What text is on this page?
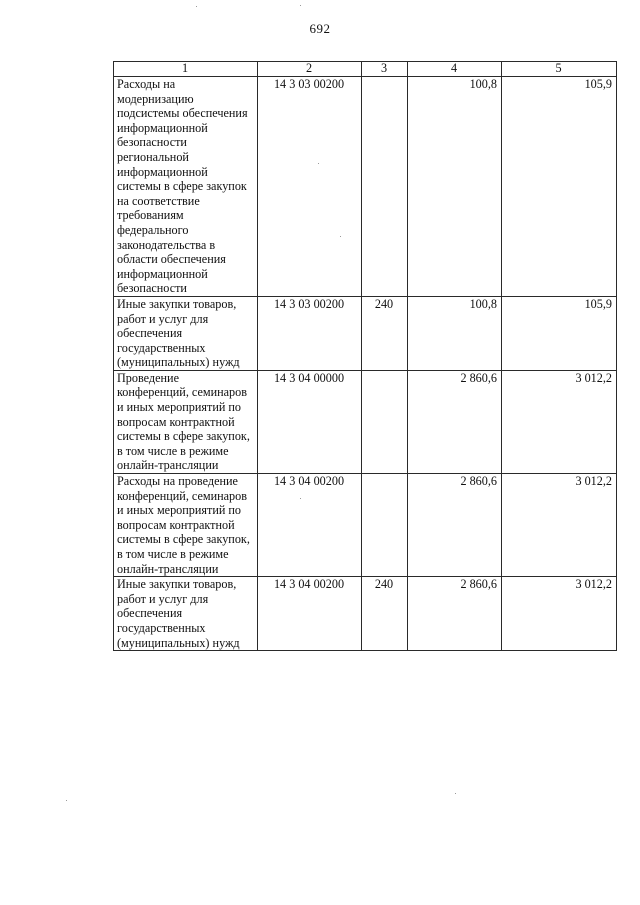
692
1	2	3	4	5
Расходы на модернизацию подсистемы обеспечения информационной безопасности региональной информационной системы в сфере закупок на соответствие требованиям федерального законодательства в области обеспечения информационной безопасности	14 3 03 00200		100,8	105,9
Иные закупки товаров, работ и услуг для обеспечения государственных (муниципальных) нужд	14 3 03 00200	240	100,8	105,9
Проведение конференций, семинаров и иных мероприятий по вопросам контрактной системы в сфере закупок, в том числе в режиме онлайн-трансляции	14 3 04 00000		2 860,6	3 012,2
Расходы на проведение конференций, семинаров и иных мероприятий по вопросам контрактной системы в сфере закупок, в том числе в режиме онлайн-трансляции	14 3 04 00200		2 860,6	3 012,2
Иные закупки товаров, работ и услуг для обеспечения государственных (муниципальных) нужд	14 3 04 00200	240	2 860,6	3 012,2
